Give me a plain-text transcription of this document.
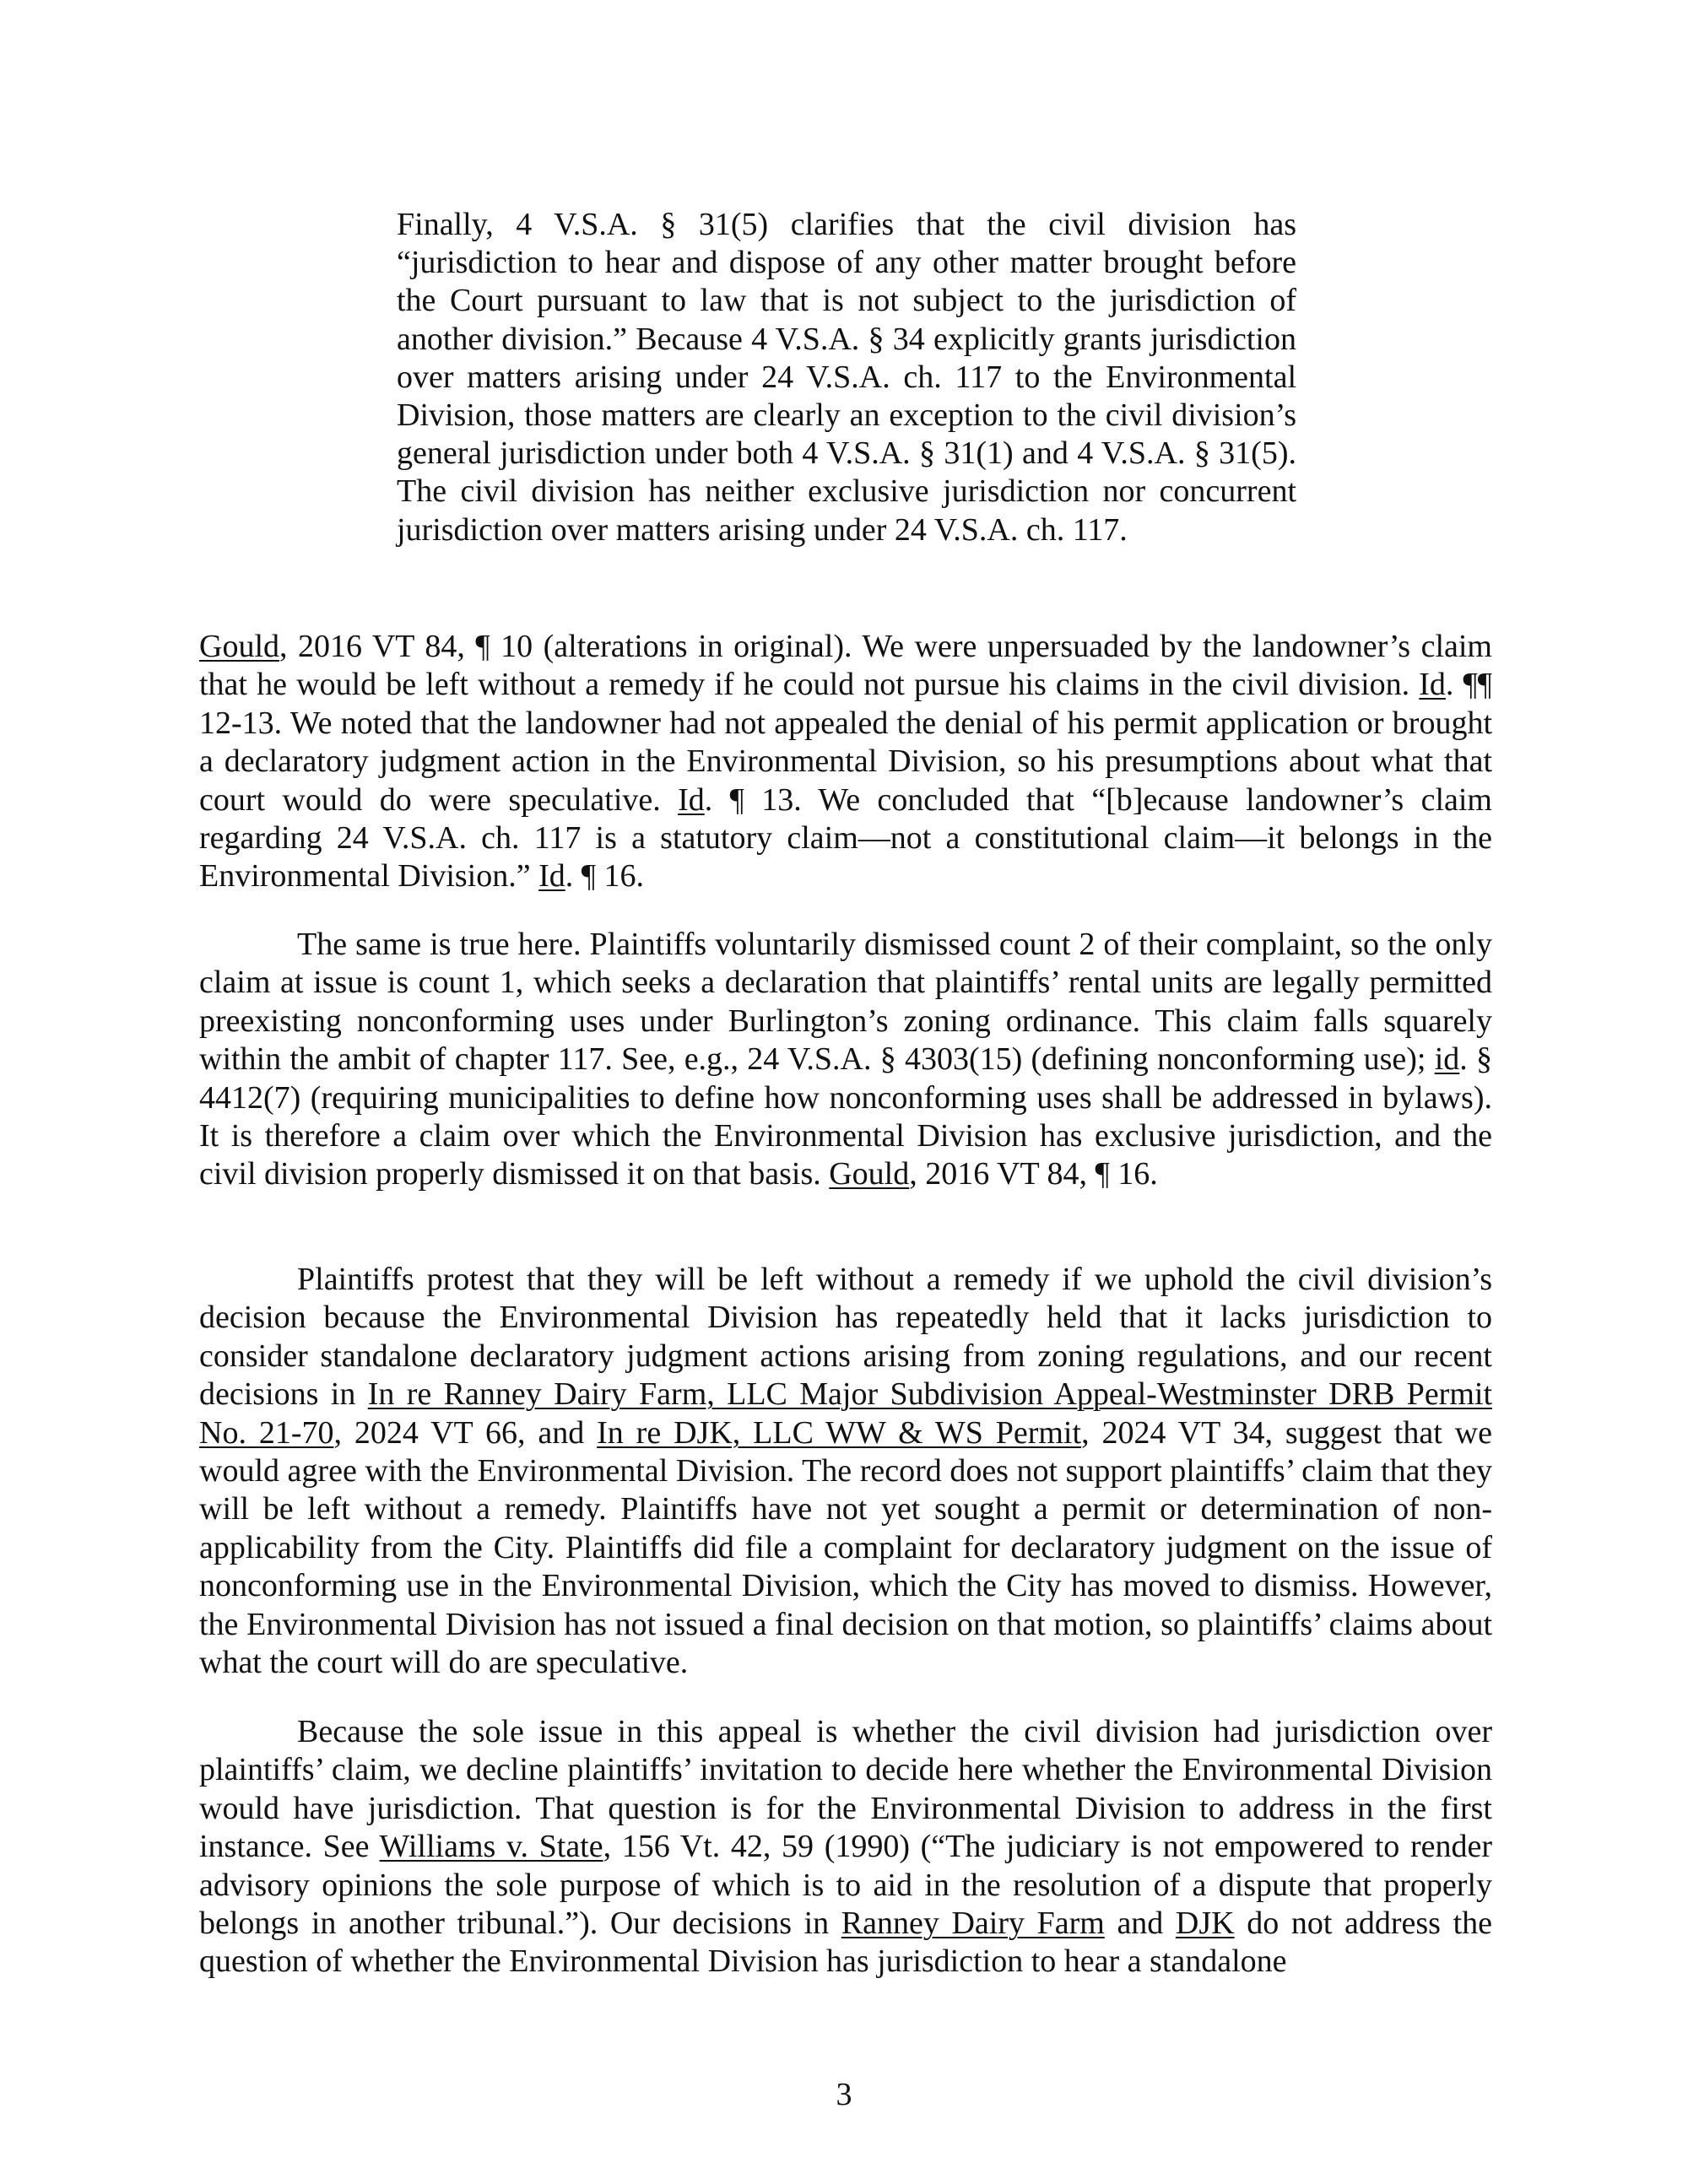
Finally, 4 V.S.A. § 31(5) clarifies that the civil division has “jurisdiction to hear and dispose of any other matter brought before the Court pursuant to law that is not subject to the jurisdiction of another division.” Because 4 V.S.A. § 34 explicitly grants jurisdiction over matters arising under 24 V.S.A. ch. 117 to the Environmental Division, those matters are clearly an exception to the civil division’s general jurisdiction under both 4 V.S.A. § 31(1) and 4 V.S.A. § 31(5). The civil division has neither exclusive jurisdiction nor concurrent jurisdiction over matters arising under 24 V.S.A. ch. 117.
Gould, 2016 VT 84, ¶ 10 (alterations in original). We were unpersuaded by the landowner’s claim that he would be left without a remedy if he could not pursue his claims in the civil division. Id. ¶¶ 12-13. We noted that the landowner had not appealed the denial of his permit application or brought a declaratory judgment action in the Environmental Division, so his presumptions about what that court would do were speculative. Id. ¶ 13. We concluded that “[b]ecause landowner’s claim regarding 24 V.S.A. ch. 117 is a statutory claim—not a constitutional claim—it belongs in the Environmental Division.” Id. ¶ 16.
The same is true here. Plaintiffs voluntarily dismissed count 2 of their complaint, so the only claim at issue is count 1, which seeks a declaration that plaintiffs’ rental units are legally permitted preexisting nonconforming uses under Burlington’s zoning ordinance. This claim falls squarely within the ambit of chapter 117. See, e.g., 24 V.S.A. § 4303(15) (defining nonconforming use); id. § 4412(7) (requiring municipalities to define how nonconforming uses shall be addressed in bylaws). It is therefore a claim over which the Environmental Division has exclusive jurisdiction, and the civil division properly dismissed it on that basis. Gould, 2016 VT 84, ¶ 16.
Plaintiffs protest that they will be left without a remedy if we uphold the civil division’s decision because the Environmental Division has repeatedly held that it lacks jurisdiction to consider standalone declaratory judgment actions arising from zoning regulations, and our recent decisions in In re Ranney Dairy Farm, LLC Major Subdivision Appeal-Westminster DRB Permit No. 21-70, 2024 VT 66, and In re DJK, LLC WW & WS Permit, 2024 VT 34, suggest that we would agree with the Environmental Division. The record does not support plaintiffs’ claim that they will be left without a remedy. Plaintiffs have not yet sought a permit or determination of non-applicability from the City. Plaintiffs did file a complaint for declaratory judgment on the issue of nonconforming use in the Environmental Division, which the City has moved to dismiss. However, the Environmental Division has not issued a final decision on that motion, so plaintiffs’ claims about what the court will do are speculative.
Because the sole issue in this appeal is whether the civil division had jurisdiction over plaintiffs’ claim, we decline plaintiffs’ invitation to decide here whether the Environmental Division would have jurisdiction. That question is for the Environmental Division to address in the first instance. See Williams v. State, 156 Vt. 42, 59 (1990) (“The judiciary is not empowered to render advisory opinions the sole purpose of which is to aid in the resolution of a dispute that properly belongs in another tribunal.”). Our decisions in Ranney Dairy Farm and DJK do not address the question of whether the Environmental Division has jurisdiction to hear a standalone
3
